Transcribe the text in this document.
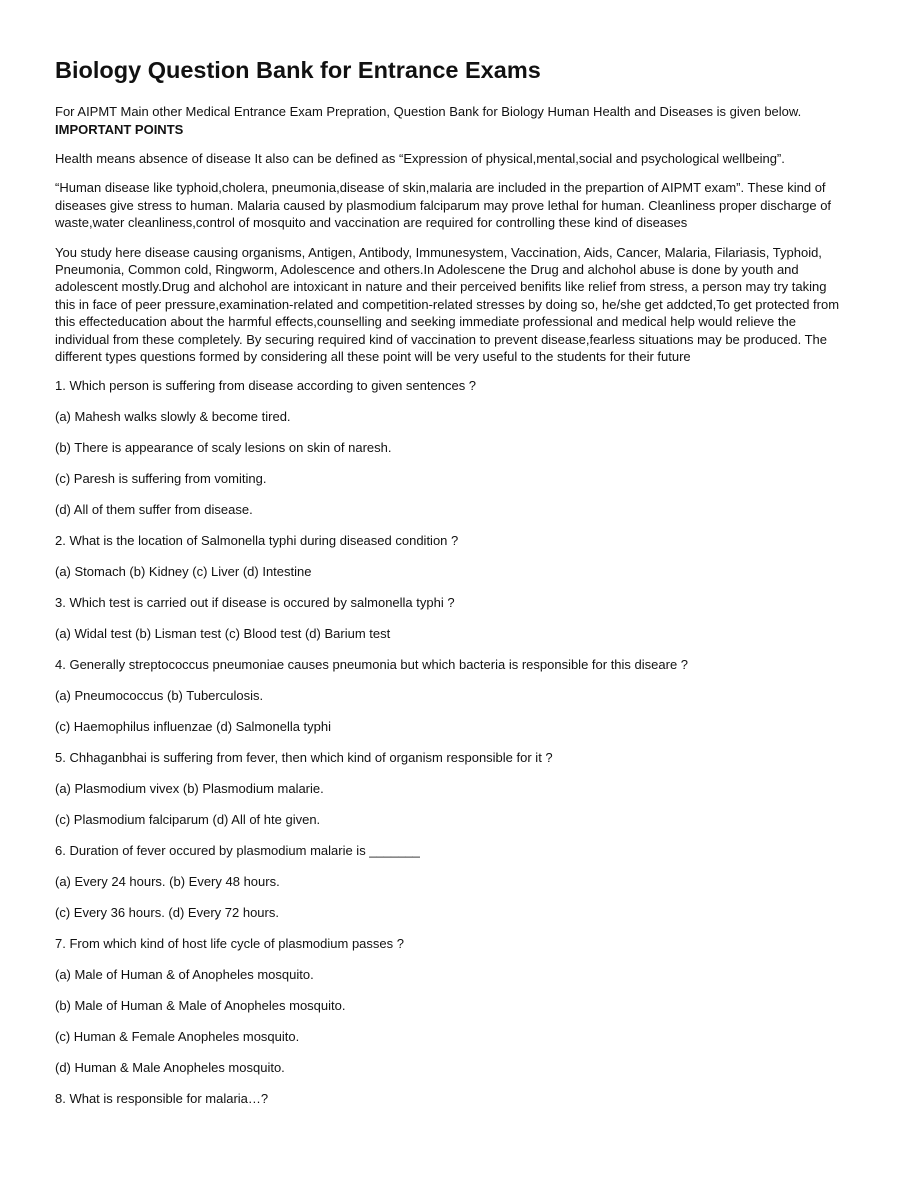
Biology Question Bank for Entrance Exams

For AIPMT Main other Medical Entrance Exam Prepration, Question Bank for Biology Human Health and Diseases is given below.

IMPORTANT POINTS

Health means absence of disease It also can be defined as “Expression of physical,mental,social and psychological wellbeing”.

“Human disease like typhoid,cholera, pneumonia,disease of skin,malaria are included in the prepartion of AIPMT exam”. These kind of diseases give stress to human. Malaria caused by plasmodium falciparum may prove lethal for human. Cleanliness proper discharge of waste,water cleanliness,control of mosquito and vaccination are required for controlling these kind of diseases

You study here disease causing organisms, Antigen, Antibody, Immunesystem, Vaccination, Aids, Cancer, Malaria, Filariasis, Typhoid, Pneumonia, Common cold, Ringworm, Adolescence and others.In Adolescene the Drug and alchohol abuse is done by youth and adolescent mostly.Drug and alchohol are intoxicant in nature and their perceived benifits like relief from stress, a person may try taking this in face of peer pressure,examination-related and competition-related stresses by doing so, he/she get addcted,To get protected from this effecteducation about the harmful effects,counselling and seeking immediate professional and medical help would relieve the individual from these completely. By securing required kind of vaccination to prevent disease,fearless situations may be produced. The different types questions formed by considering all these point will be very useful to the students for their future

1. Which person is suffering from disease according to given sentences ?

(a) Mahesh walks slowly & become tired.

(b) There is appearance of scaly lesions on skin of naresh.

(c) Paresh is suffering from vomiting.

(d) All of them suffer from disease.

2. What is the location of Salmonella typhi during diseased condition ?

(a) Stomach (b) Kidney (c) Liver (d) Intestine

3. Which test is carried out if disease is occured by salmonella typhi ?

(a) Widal test (b) Lisman test (c) Blood test (d) Barium test

4. Generally streptococcus pneumoniae causes pneumonia but which bacteria is responsible for this diseare ?

(a) Pneumococcus (b) Tuberculosis.

(c) Haemophilus influenzae (d) Salmonella typhi

5. Chhaganbhai is suffering from fever, then which kind of organism responsible for it ?

(a) Plasmodium vivex (b) Plasmodium malarie.

(c) Plasmodium falciparum (d) All of hte given.

6. Duration of fever occured by plasmodium malarie is _______

(a) Every 24 hours. (b) Every 48 hours.

(c) Every 36 hours. (d) Every 72 hours.

7. From which kind of host life cycle of plasmodium passes ?

(a) Male of Human & of Anopheles mosquito.

(b) Male of Human & Male of Anopheles mosquito.

(c) Human & Female Anopheles mosquito.

(d) Human & Male Anopheles mosquito.

8. What is responsible for malaria…?
